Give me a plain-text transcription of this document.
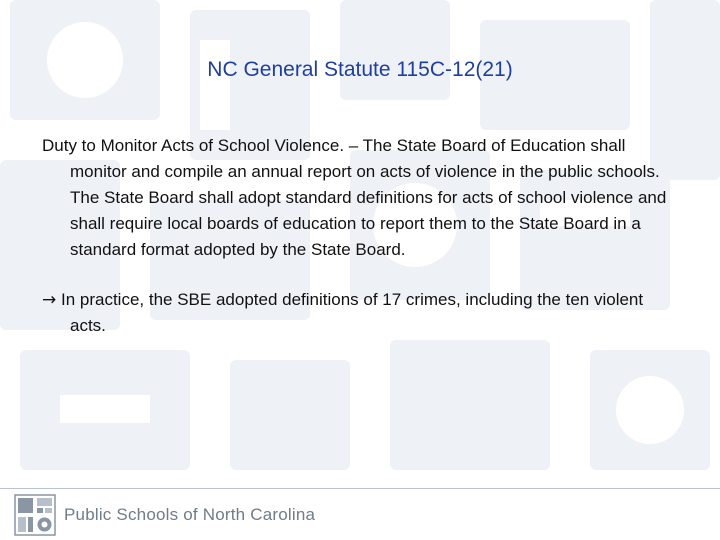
NC General Statute 115C-12(21)

Duty to Monitor Acts of School Violence. – The State Board of Education shall monitor and compile an annual report on acts of violence in the public schools. The State Board shall adopt standard definitions for acts of school violence and shall require local boards of education to report them to the State Board in a standard format adopted by the State Board.

→ In practice, the SBE adopted definitions of 17 crimes, including the ten violent acts.

Public Schools of North Carolina
